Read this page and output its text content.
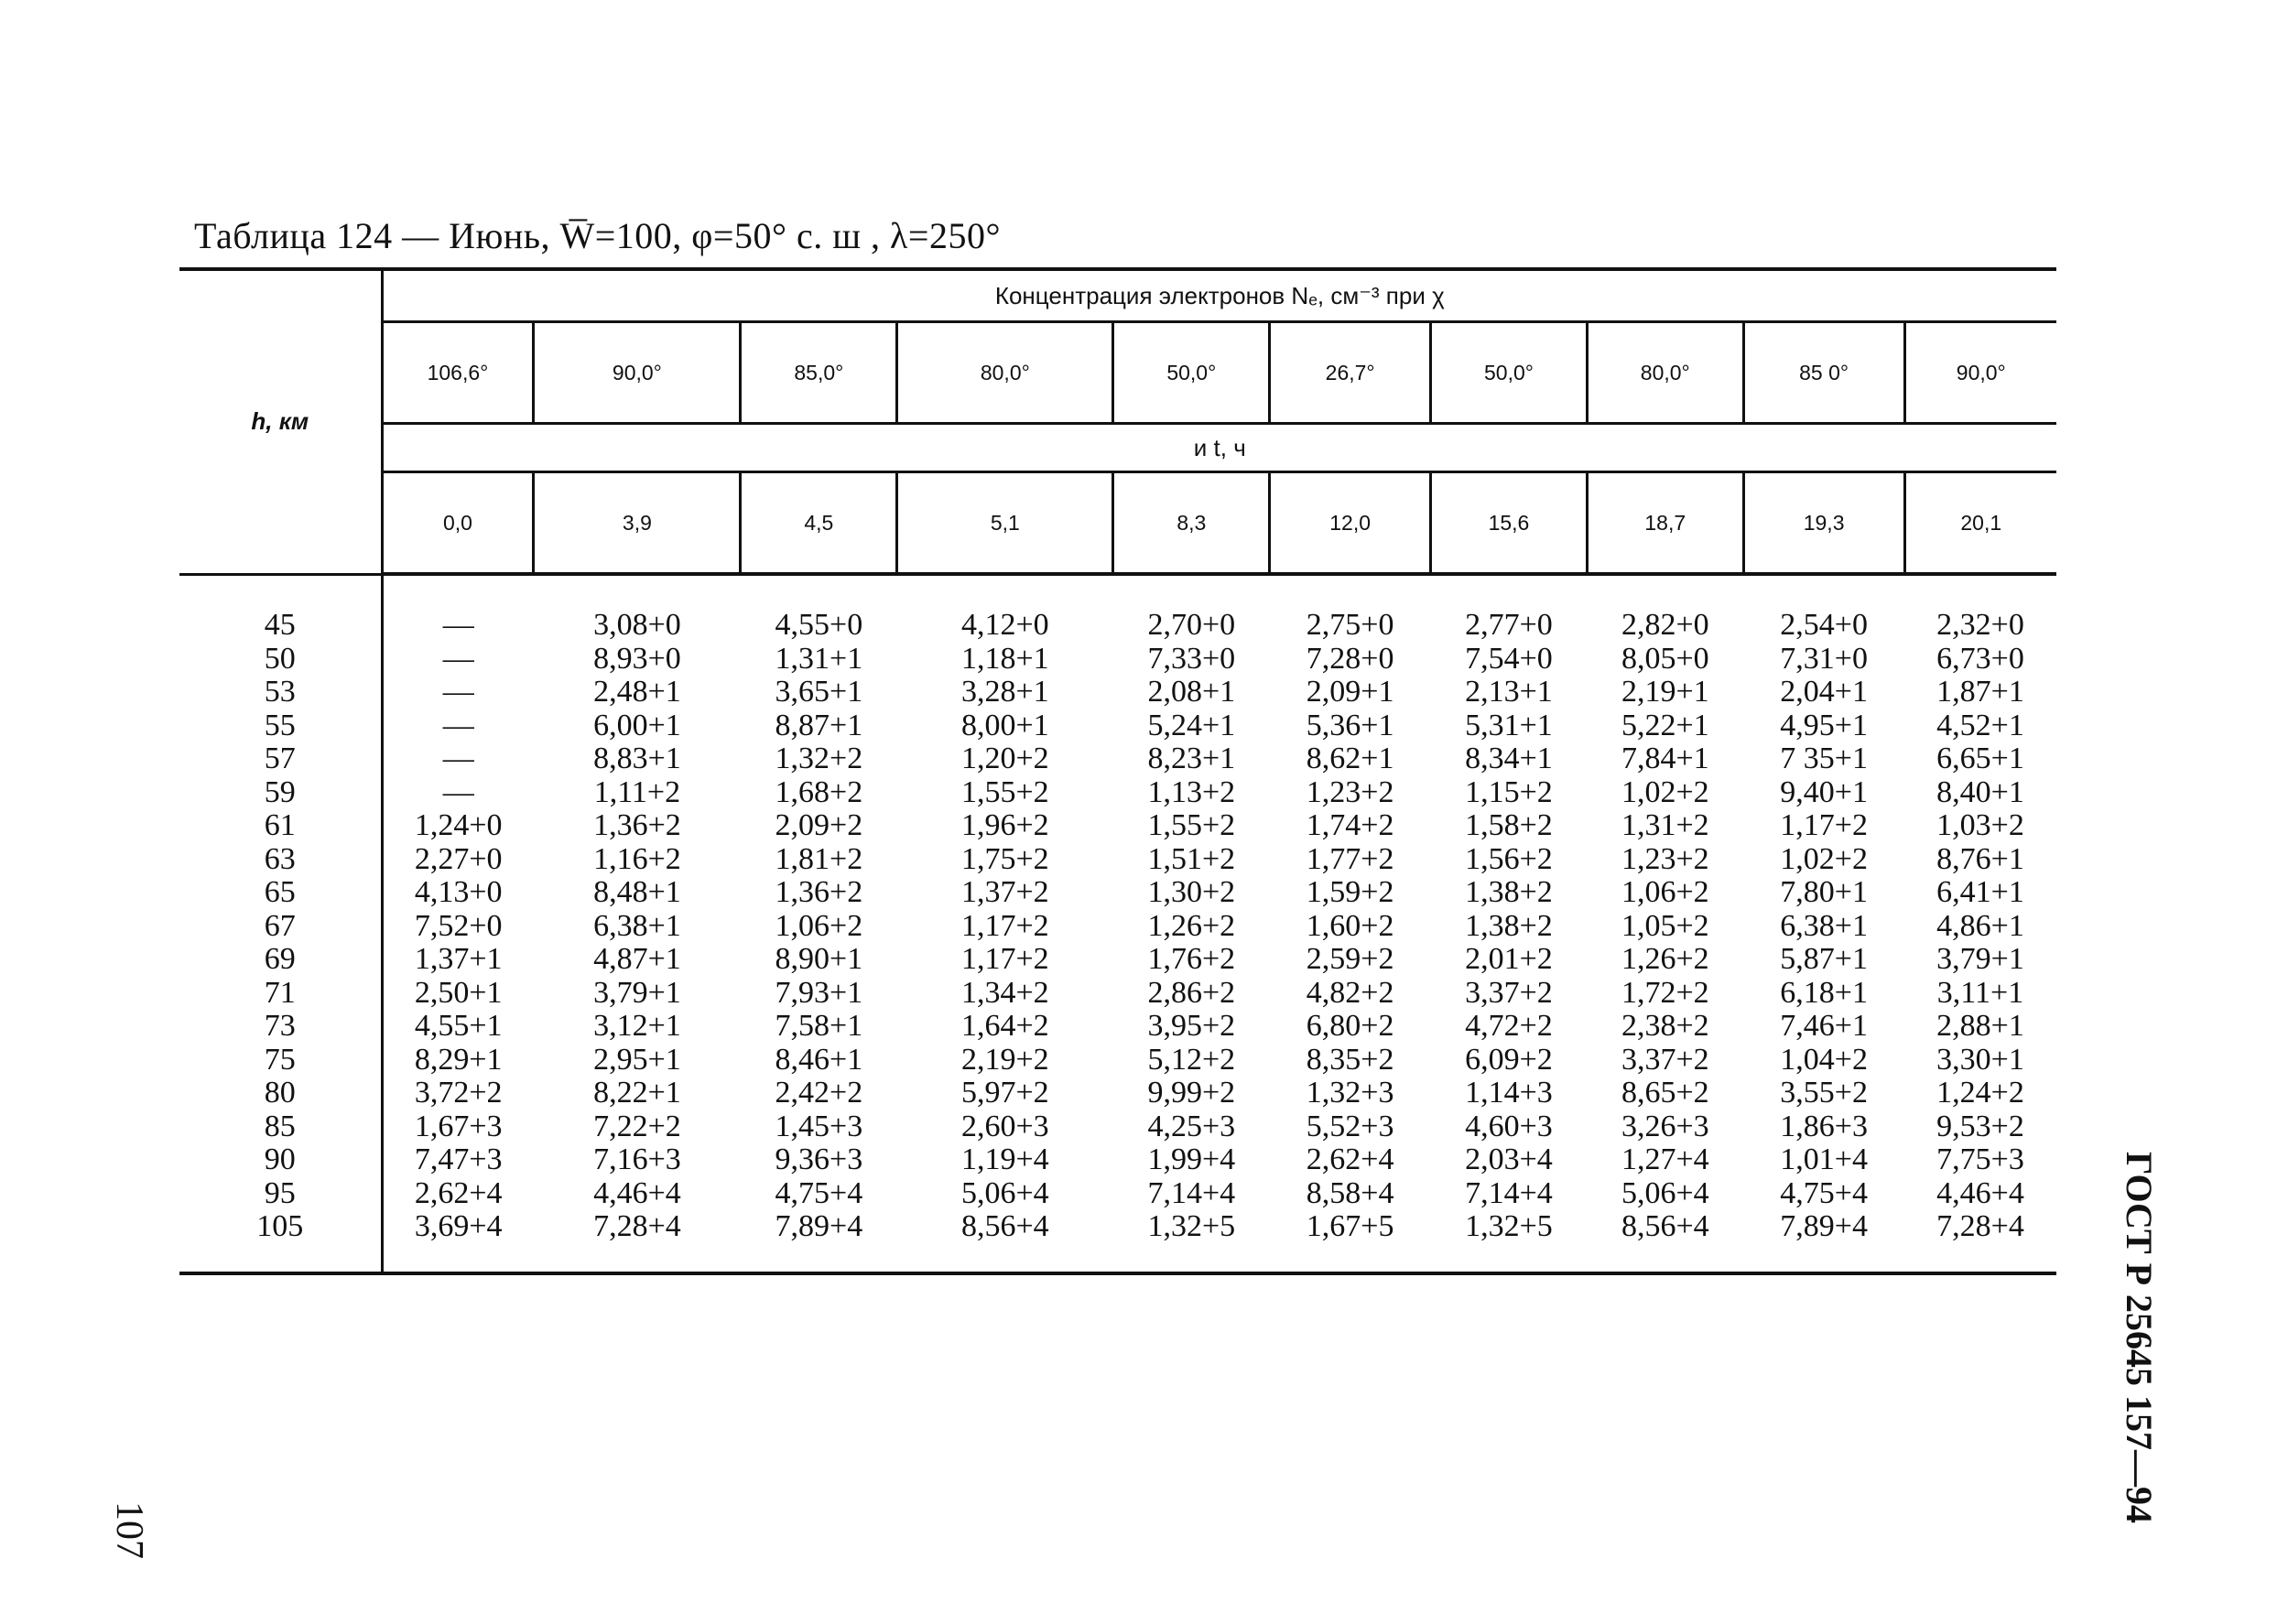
Таблица 124 — Июнь, W̅=100, φ=50° с. ш , λ=250°
h, км	Концентрация электронов Nₑ, см⁻³ при χ									
	106,6°	90,0°	85,0°	80,0°	50,0°	26,7°	50,0°	80,0°	85 0°	90,0°
	и t, ч									
	0,0	3,9	4,5	5,1	8,3	12,0	15,6	18,7	19,3	20,1

45	—	3,08+0	4,55+0	4,12+0	2,70+0	2,75+0	2,77+0	2,82+0	2,54+0	2,32+0
50	—	8,93+0	1,31+1	1,18+1	7,33+0	7,28+0	7,54+0	8,05+0	7,31+0	6,73+0
53	—	2,48+1	3,65+1	3,28+1	2,08+1	2,09+1	2,13+1	2,19+1	2,04+1	1,87+1
55	—	6,00+1	8,87+1	8,00+1	5,24+1	5,36+1	5,31+1	5,22+1	4,95+1	4,52+1
57	—	8,83+1	1,32+2	1,20+2	8,23+1	8,62+1	8,34+1	7,84+1	7 35+1	6,65+1
59	—	1,11+2	1,68+2	1,55+2	1,13+2	1,23+2	1,15+2	1,02+2	9,40+1	8,40+1
61	1,24+0	1,36+2	2,09+2	1,96+2	1,55+2	1,74+2	1,58+2	1,31+2	1,17+2	1,03+2
63	2,27+0	1,16+2	1,81+2	1,75+2	1,51+2	1,77+2	1,56+2	1,23+2	1,02+2	8,76+1
65	4,13+0	8,48+1	1,36+2	1,37+2	1,30+2	1,59+2	1,38+2	1,06+2	7,80+1	6,41+1
67	7,52+0	6,38+1	1,06+2	1,17+2	1,26+2	1,60+2	1,38+2	1,05+2	6,38+1	4,86+1
69	1,37+1	4,87+1	8,90+1	1,17+2	1,76+2	2,59+2	2,01+2	1,26+2	5,87+1	3,79+1
71	2,50+1	3,79+1	7,93+1	1,34+2	2,86+2	4,82+2	3,37+2	1,72+2	6,18+1	3,11+1
73	4,55+1	3,12+1	7,58+1	1,64+2	3,95+2	6,80+2	4,72+2	2,38+2	7,46+1	2,88+1
75	8,29+1	2,95+1	8,46+1	2,19+2	5,12+2	8,35+2	6,09+2	3,37+2	1,04+2	3,30+1
80	3,72+2	8,22+1	2,42+2	5,97+2	9,99+2	1,32+3	1,14+3	8,65+2	3,55+2	1,24+2
85	1,67+3	7,22+2	1,45+3	2,60+3	4,25+3	5,52+3	4,60+3	3,26+3	1,86+3	9,53+2
90	7,47+3	7,16+3	9,36+3	1,19+4	1,99+4	2,62+4	2,03+4	1,27+4	1,01+4	7,75+3
95	2,62+4	4,46+4	4,75+4	5,06+4	7,14+4	8,58+4	7,14+4	5,06+4	4,75+4	4,46+4
105	3,69+4	7,28+4	7,89+4	8,56+4	1,32+5	1,67+5	1,32+5	8,56+4	7,89+4	7,28+4
											ГОСТ Р 25645 157—94
107
